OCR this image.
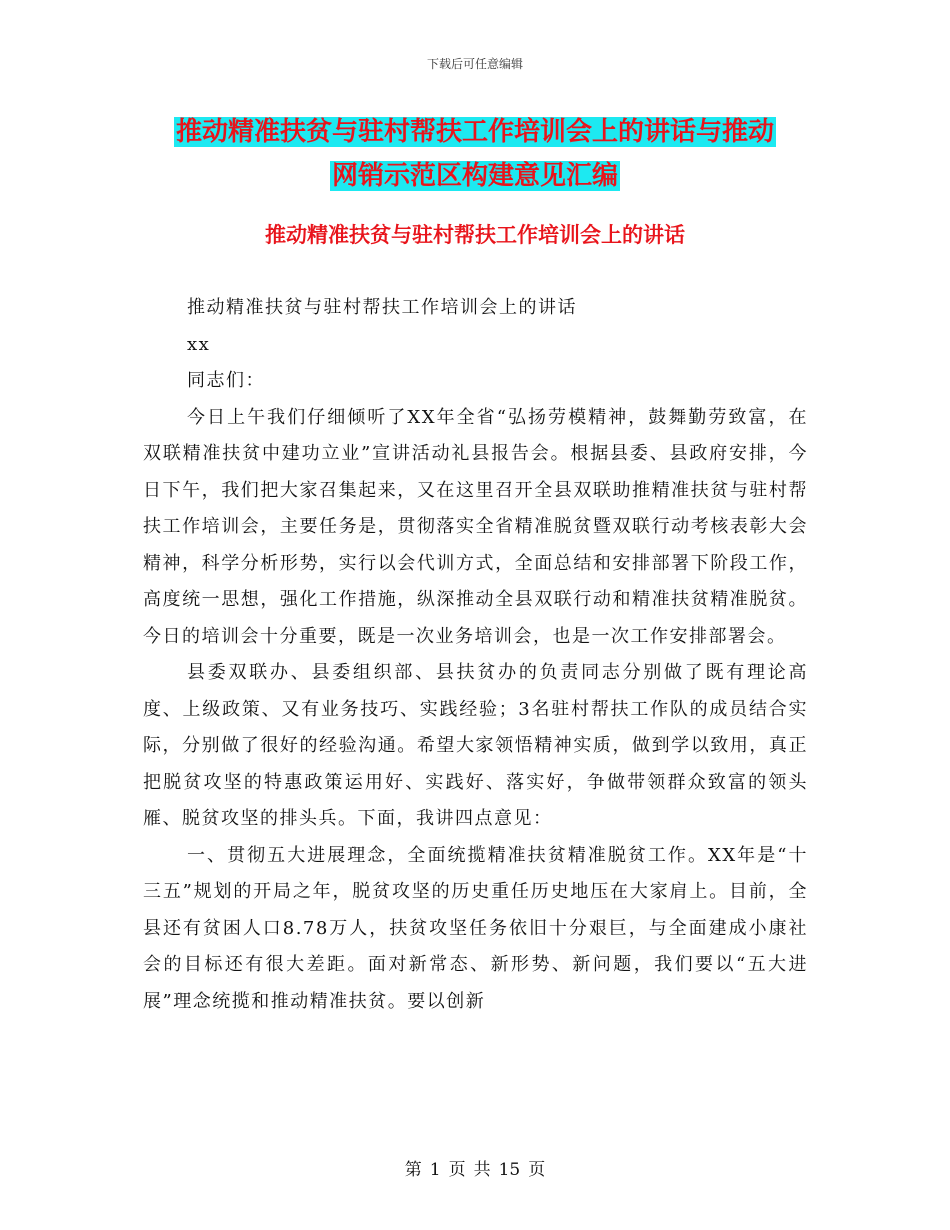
下载后可任意编辑
推动精准扶贫与驻村帮扶工作培训会上的讲话与推动
网销示范区构建意见汇编
推动精准扶贫与驻村帮扶工作培训会上的讲话

推动精准扶贫与驻村帮扶工作培训会上的讲话

xx

同志们：

今日上午我们仔细倾听了XX年全省“弘扬劳模精神，鼓舞勤劳致富，在双联精准扶贫中建功立业”宣讲活动礼县报告会。根据县委、县政府安排，今日下午，我们把大家召集起来，又在这里召开全县双联助推精准扶贫与驻村帮扶工作培训会，主要任务是，贯彻落实全省精准脱贫暨双联行动考核表彰大会精神，科学分析形势，实行以会代训方式，全面总结和安排部署下阶段工作，高度统一思想，强化工作措施，纵深推动全县双联行动和精准扶贫精准脱贫。今日的培训会十分重要，既是一次业务培训会，也是一次工作安排部署会。

县委双联办、县委组织部、县扶贫办的负责同志分别做了既有理论高度、上级政策、又有业务技巧、实践经验；3名驻村帮扶工作队的成员结合实际，分别做了很好的经验沟通。希望大家领悟精神实质，做到学以致用，真正把脱贫攻坚的特惠政策运用好、实践好、落实好，争做带领群众致富的领头雁、脱贫攻坚的排头兵。下面，我讲四点意见：

一、贯彻五大进展理念，全面统揽精准扶贫精准脱贫工作。XX年是“十三五”规划的开局之年，脱贫攻坚的历史重任历史地压在大家肩上。目前，全县还有贫困人口8.78万人，扶贫攻坚任务依旧十分艰巨，与全面建成小康社会的目标还有很大差距。面对新常态、新形势、新问题，我们要以“五大进展”理念统揽和推动精准扶贫。要以创新

第 1 页 共 15 页
